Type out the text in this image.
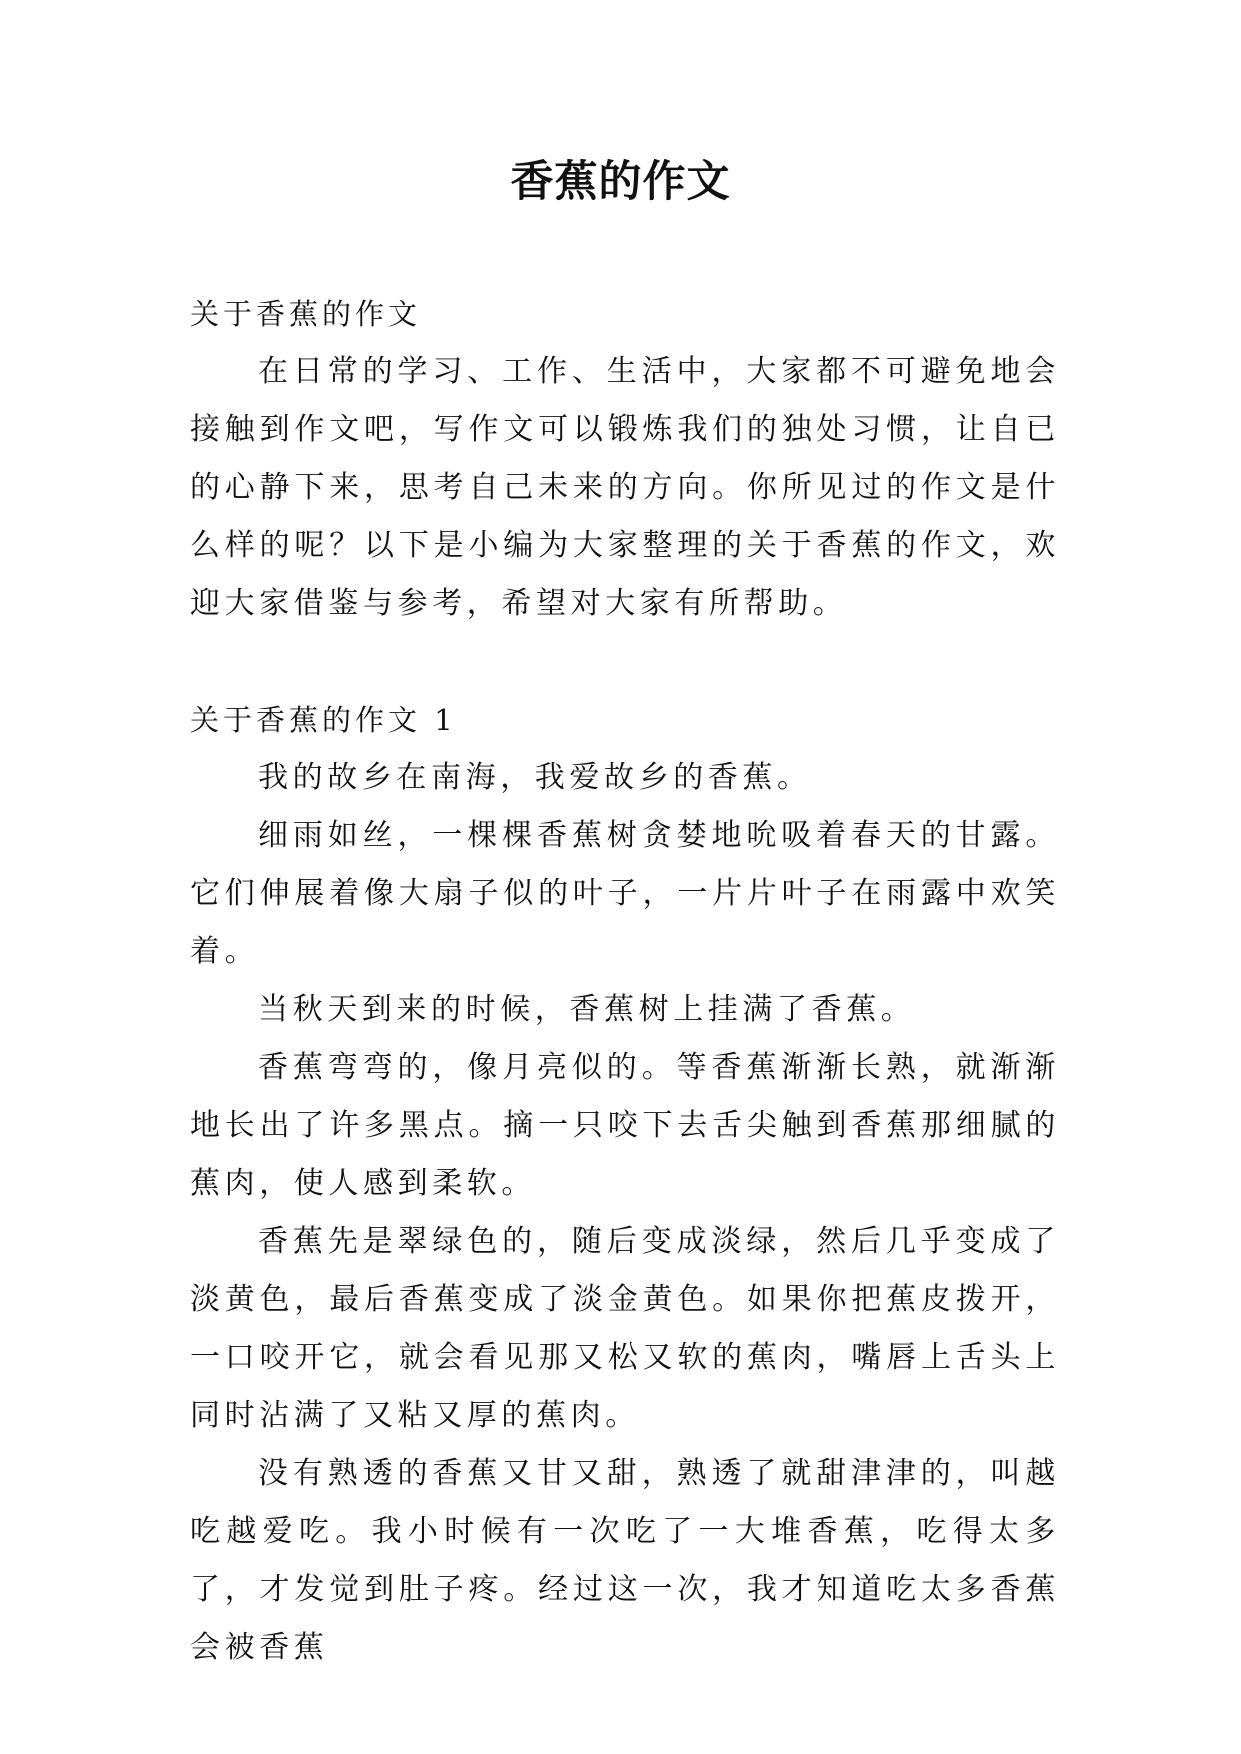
香蕉的作文

关于香蕉的作文

在日常的学习、工作、生活中，大家都不可避免地会接触到作文吧，写作文可以锻炼我们的独处习惯，让自已的心静下来，思考自己未来的方向。你所见过的作文是什么样的呢？以下是小编为大家整理的关于香蕉的作文，欢迎大家借鉴与参考，希望对大家有所帮助。

关于香蕉的作文 1

我的故乡在南海，我爱故乡的香蕉。

细雨如丝，一棵棵香蕉树贪婪地吮吸着春天的甘露。它们伸展着像大扇子似的叶子，一片片叶子在雨露中欢笑着。

当秋天到来的时候，香蕉树上挂满了香蕉。

香蕉弯弯的，像月亮似的。等香蕉渐渐长熟，就渐渐地长出了许多黑点。摘一只咬下去舌尖触到香蕉那细腻的蕉肉，使人感到柔软。

香蕉先是翠绿色的，随后变成淡绿，然后几乎变成了淡黄色，最后香蕉变成了淡金黄色。如果你把蕉皮拨开，一口咬开它，就会看见那又松又软的蕉肉，嘴唇上舌头上同时沾满了又粘又厚的蕉肉。

没有熟透的香蕉又甘又甜，熟透了就甜津津的，叫越吃越爱吃。我小时候有一次吃了一大堆香蕉，吃得太多了，才发觉到肚子疼。经过这一次，我才知道吃太多香蕉会被香蕉
